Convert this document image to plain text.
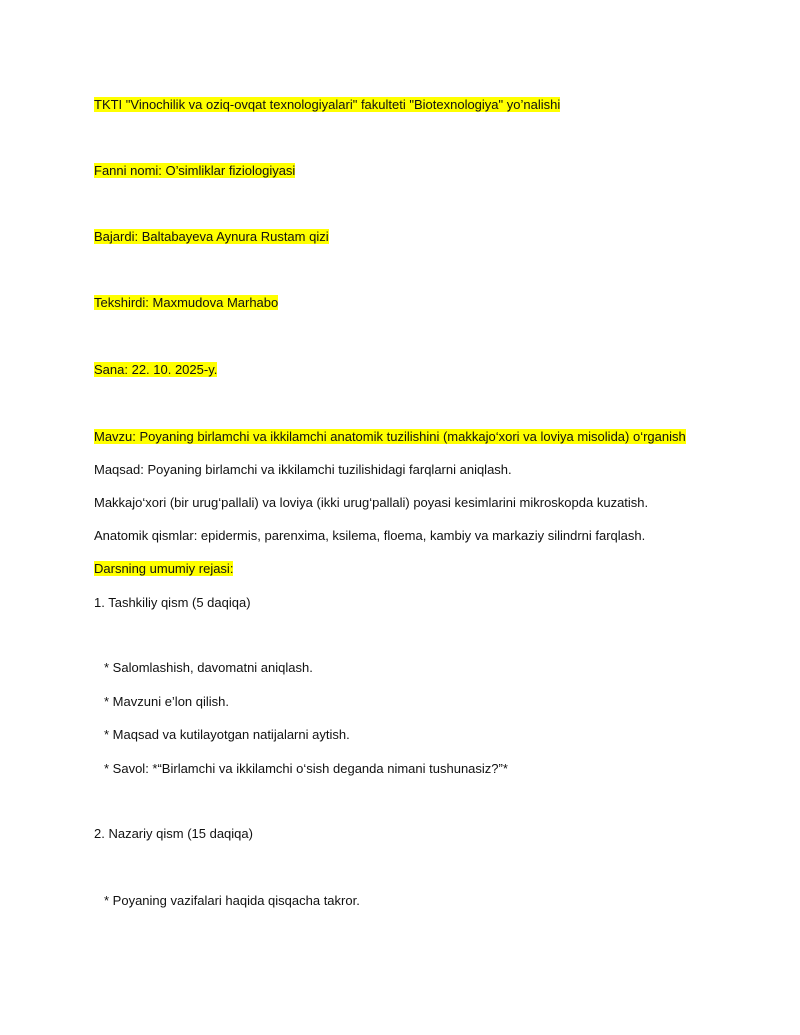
TKTI "Vinochilik va oziq-ovqat texnologiyalari" fakulteti "Biotexnologiya" yo’nalishi
Fanni nomi: O’simliklar fiziologiyasi
Bajardi: Baltabayeva Aynura Rustam qizi
Tekshirdi: Maxmudova Marhabo
Sana: 22. 10. 2025-y.
Mavzu: Poyaning birlamchi va ikkilamchi anatomik tuzilishini (makkajo‘xori va loviya misolida) o‘rganish
Maqsad: Poyaning birlamchi va ikkilamchi tuzilishidagi farqlarni aniqlash.
Makkajo‘xori (bir urug‘pallali) va loviya (ikki urug‘pallali) poyasi kesimlarini mikroskopda kuzatish.
Anatomik qismlar: epidermis, parenxima, ksilema, floema, kambiy va markaziy silindrni farqlash.
Darsning umumiy rejasi:
1. Tashkiliy qism (5 daqiqa)
* Salomlashish, davomatni aniqlash.
* Mavzuni e’lon qilish.
* Maqsad va kutilayotgan natijalarni aytish.
* Savol: *“Birlamchi va ikkilamchi o‘sish deganda nimani tushunasiz?”*
2. Nazariy qism (15 daqiqa)
* Poyaning vazifalari haqida qisqacha takror.
